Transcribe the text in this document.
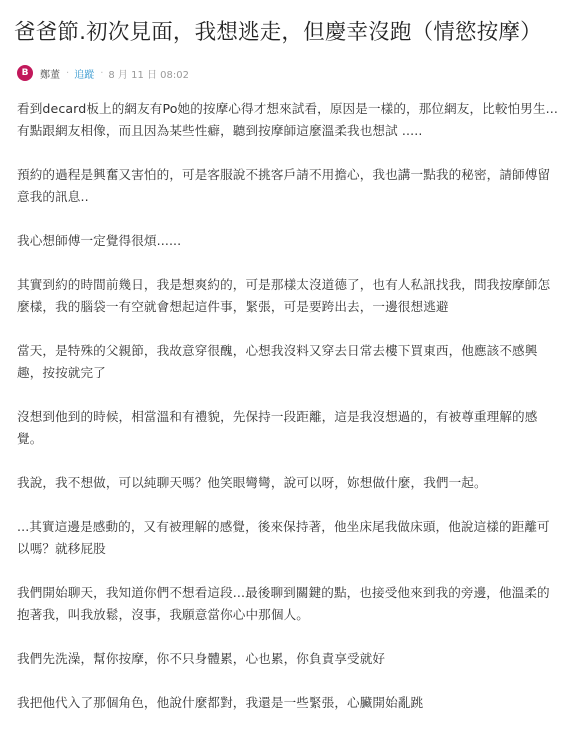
爸爸節.初次見面，我想逃走，但慶幸沒跑（情慾按摩）
B	鄭董 · 追蹤 · 8 月 11 日 08:02

看到decard板上的網友有Po她的按摩心得才想來試看，原因是一樣的，那位網友，比較怕男生...
有點跟網友相像，而且因為某些性癖，聽到按摩師這麼溫柔我也想試 .....

預約的過程是興奮又害怕的，可是客服說不挑客戶請不用擔心，我也講一點我的秘密，請師傅留
意我的訊息..

我心想師傅一定覺得很煩......

其實到約的時間前幾日，我是想爽約的，可是那樣太沒道德了，也有人私訊找我，問我按摩師怎
麼樣，我的腦袋一有空就會想起這件事，緊張，可是要跨出去，一邊很想逃避

當天，是特殊的父親節，我故意穿很醜，心想我沒料又穿去日常去樓下買東西，他應該不感興
趣，按按就完了

沒想到他到的時候，相當溫和有禮貌，先保持一段距離，這是我沒想過的，有被尊重理解的感
覺。

我說，我不想做，可以純聊天嗎？他笑眼彎彎，說可以呀，妳想做什麼，我們一起。

...其實這邊是感動的，又有被理解的感覺，後來保持著，他坐床尾我做床頭，他說這樣的距離可
以嗎？就移屁股

我們開始聊天，我知道你們不想看這段...最後聊到關鍵的點，也接受他來到我的旁邊，他溫柔的
抱著我，叫我放鬆，沒事，我願意當你心中那個人。

我們先洗澡，幫你按摩，你不只身體累，心也累，你負責享受就好

我把他代入了那個角色，他說什麼都對，我還是一些緊張，心臟開始亂跳
